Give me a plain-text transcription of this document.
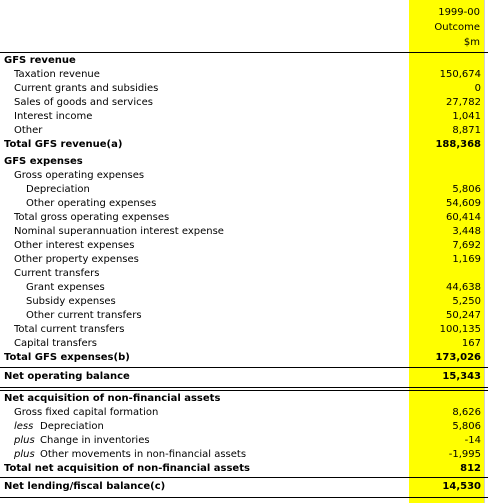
1999-00
Outcome
$m
GFS revenue
Taxation revenue	150,674
Current grants and subsidies	0
Sales of goods and services	27,782
Interest income	1,041
Other	8,871
Total GFS revenue(a)	188,368
GFS expenses
Gross operating expenses
Depreciation	5,806
Other operating expenses	54,609
Total gross operating expenses	60,414
Nominal superannuation interest expense	3,448
Other interest expenses	7,692
Other property expenses	1,169
Current transfers
Grant expenses	44,638
Subsidy expenses	5,250
Other current transfers	50,247
Total current transfers	100,135
Capital transfers	167
Total GFS expenses(b)	173,026
Net operating balance	15,343
Net acquisition of non-financial assets
Gross fixed capital formation	8,626
less Depreciation	5,806
plus Change in inventories	-14
plus Other movements in non-financial assets	-1,995
Total net acquisition of non-financial assets	812
Net lending/fiscal balance(c)	14,530
